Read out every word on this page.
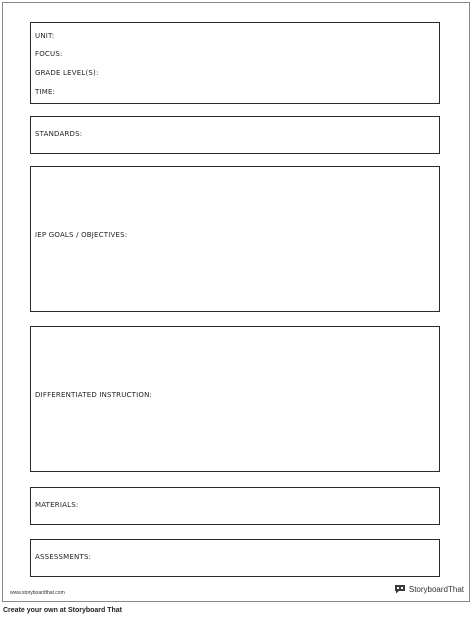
UNIT:
FOCUS:
GRADE LEVEL(S):
TIME:
STANDARDS:
IEP GOALS / OBJECTIVES:
DIFFERENTIATED INSTRUCTION:
MATERIALS:
ASSESSMENTS:
www.storyboardthat.com	StoryboardThat
Create your own at Storyboard That
